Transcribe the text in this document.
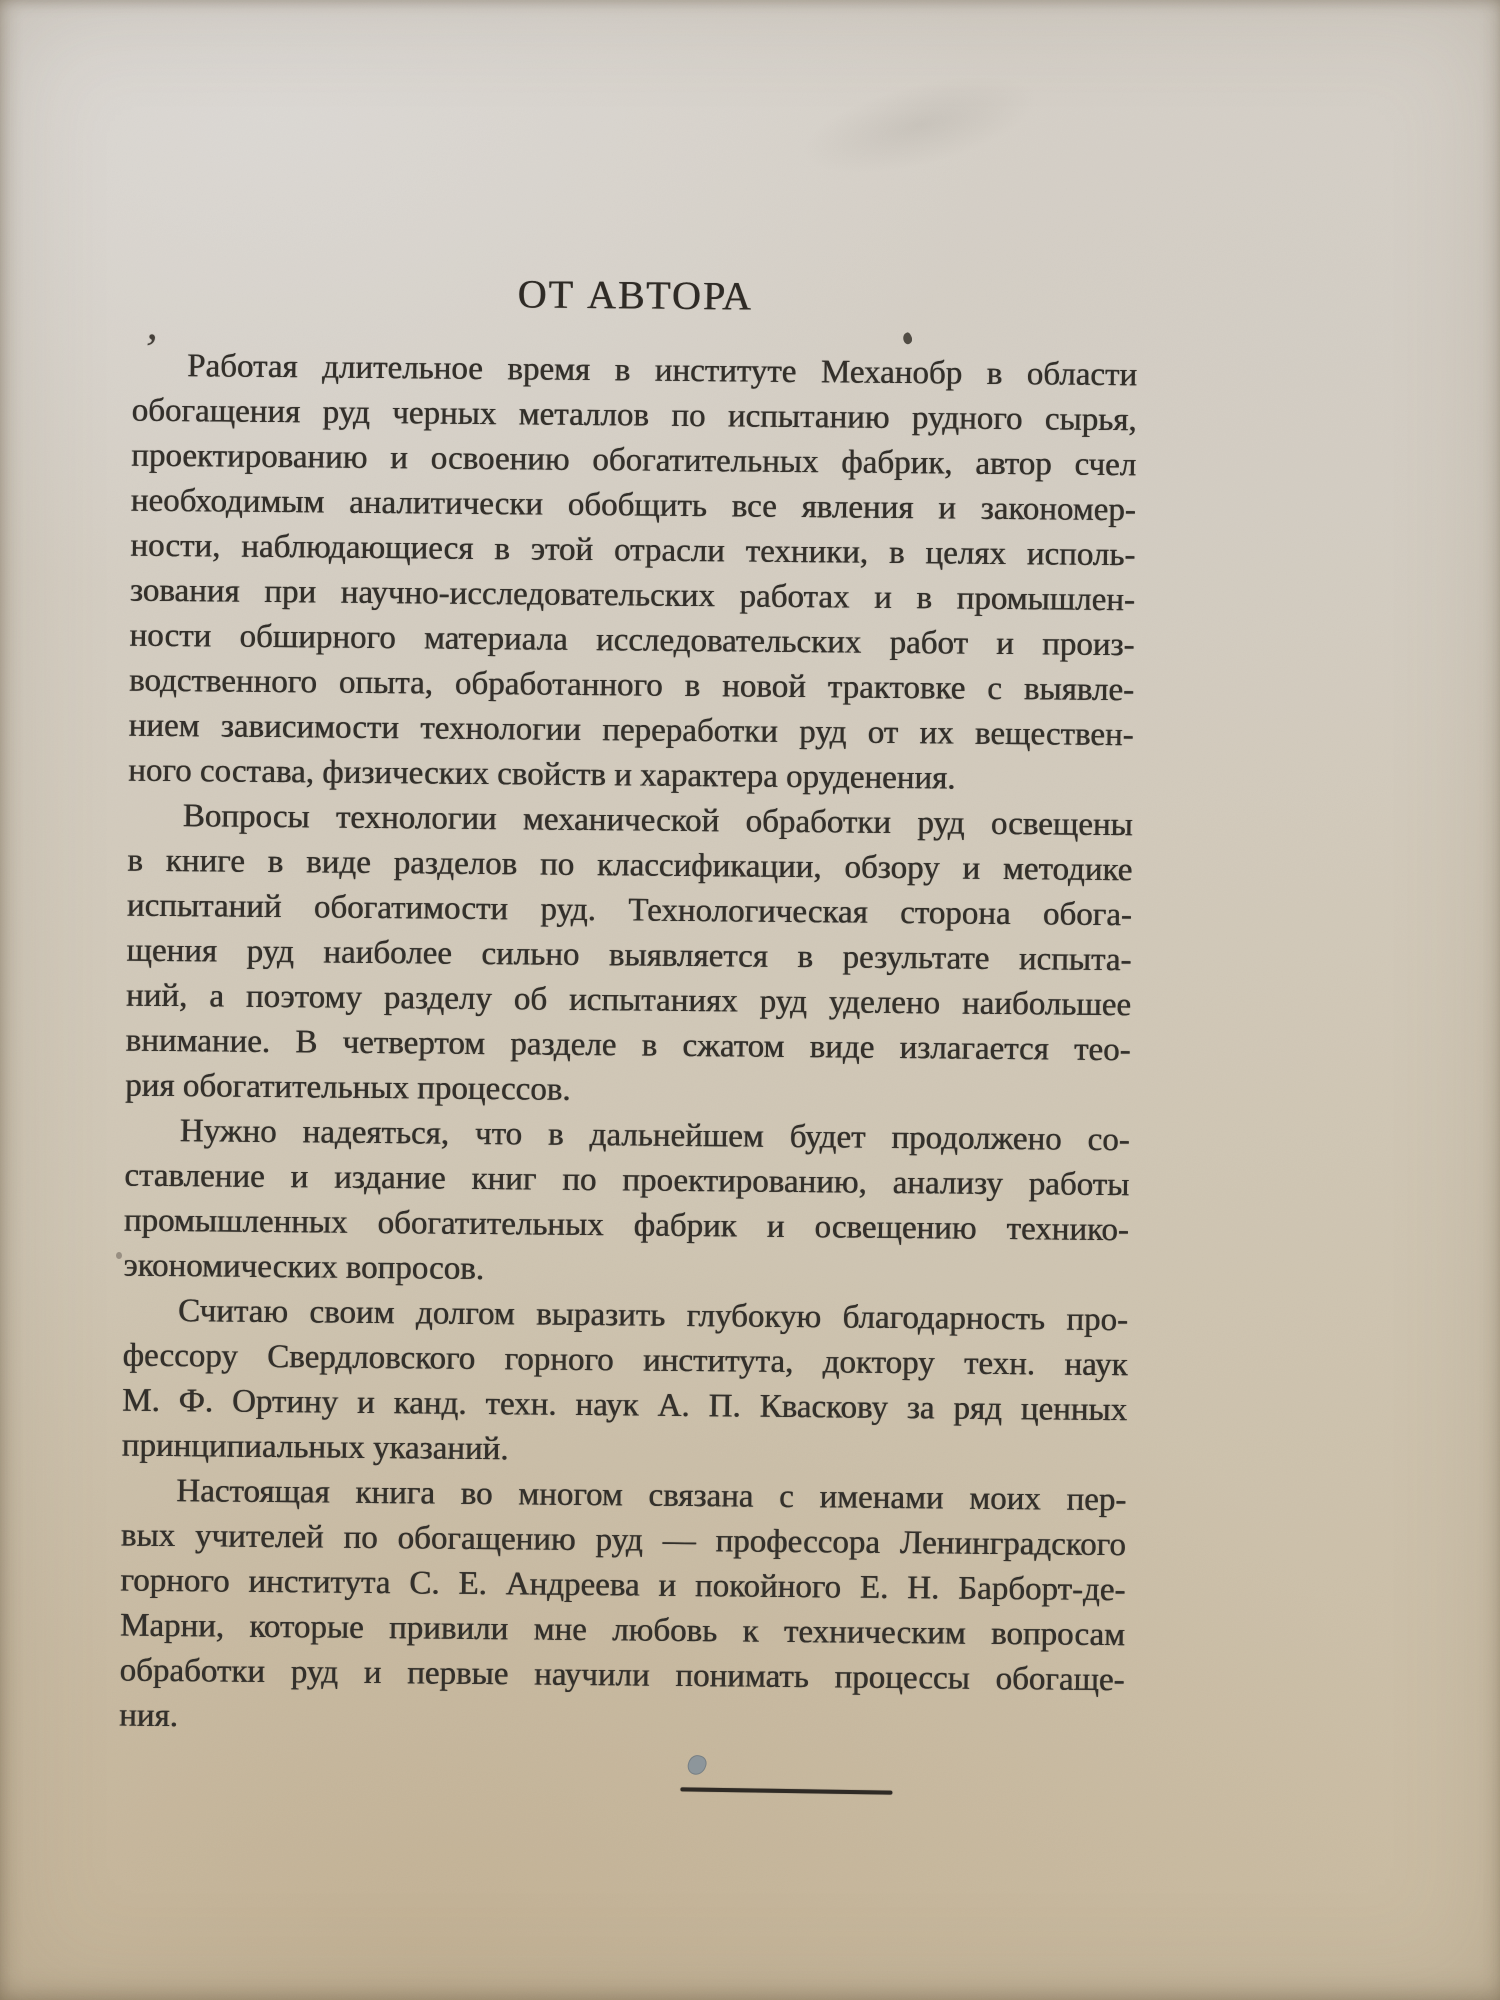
,
ОТ АВТОРА
Работая длительное время в институте Механобр в области
обогащения руд черных металлов по испытанию рудного сырья,
проектированию и освоению обогатительных фабрик, автор счел
необходимым аналитически обобщить все явления и закономер-
ности, наблюдающиеся в этой отрасли техники, в целях исполь-
зования при научно-исследовательских работах и в промышлен-
ности обширного материала исследовательских работ и произ-
водственного опыта, обработанного в новой трактовке с выявле-
нием зависимости технологии переработки руд от их веществен-
ного состава, физических свойств и характера оруденения.
Вопросы технологии механической обработки руд освещены
в книге в виде разделов по классификации, обзору и методике
испытаний обогатимости руд. Технологическая сторона обога-
щения руд наиболее сильно выявляется в результате испыта-
ний, а поэтому разделу об испытаниях руд уделено наибольшее
внимание. В четвертом разделе в сжатом виде излагается тео-
рия обогатительных процессов.
Нужно надеяться, что в дальнейшем будет продолжено со-
ставление и издание книг по проектированию, анализу работы
промышленных обогатительных фабрик и освещению технико-
экономических вопросов.
Считаю своим долгом выразить глубокую благодарность про-
фессору Свердловского горного института, доктору техн. наук
М. Ф. Ортину и канд. техн. наук А. П. Кваскову за ряд ценных
принципиальных указаний.
Настоящая книга во многом связана с именами моих пер-
вых учителей по обогащению руд — профессора Ленинградского
горного института С. Е. Андреева и покойного Е. Н. Барборт-де-
Марни, которые привили мне любовь к техническим вопросам
обработки руд и первые научили понимать процессы обогаще-
ния.
